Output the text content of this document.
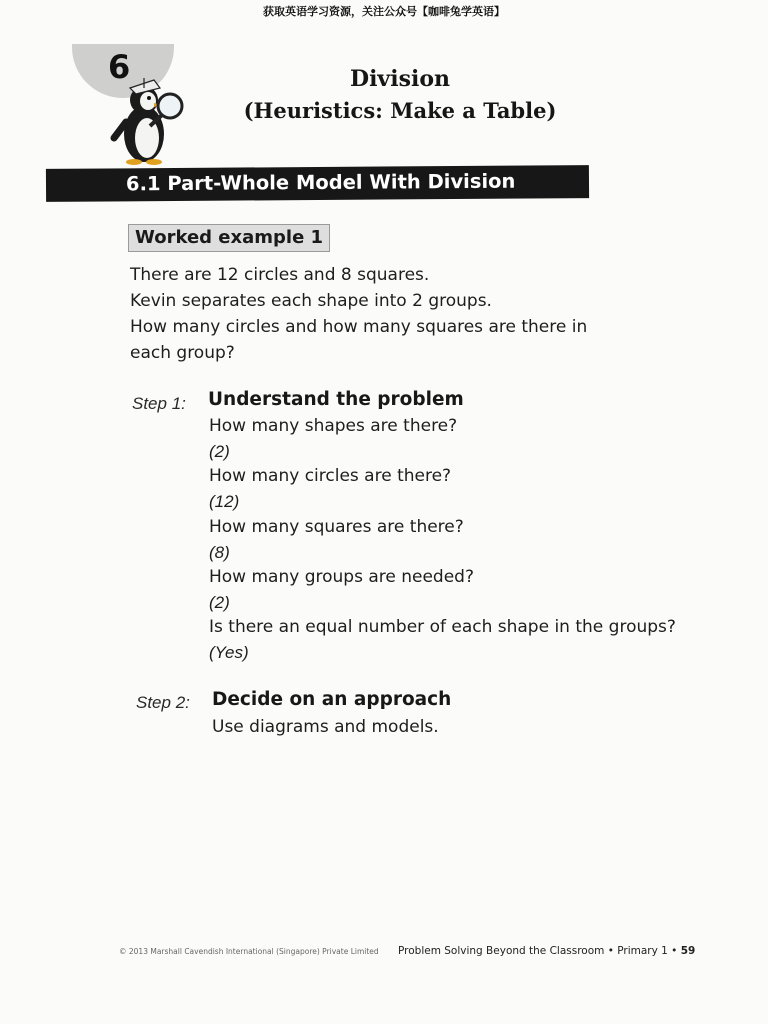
获取英语学习资源，关注公众号【咖啡兔学英语】
6	Division
(Heuristics: Make a Table)
6.1 Part-Whole Model With Division
Worked example 1
There are 12 circles and 8 squares.
Kevin separates each shape into 2 groups.
How many circles and how many squares are there in
each group?
Step 1: Understand the problem
How many shapes are there?
(2)
How many circles are there?
(12)
How many squares are there?
(8)
How many groups are needed?
(2)
Is there an equal number of each shape in the groups?
(Yes)
Step 2: Decide on an approach
Use diagrams and models.
© 2013 Marshall Cavendish International (Singapore) Private Limited Problem Solving Beyond the Classroom • Primary 1 • 59
